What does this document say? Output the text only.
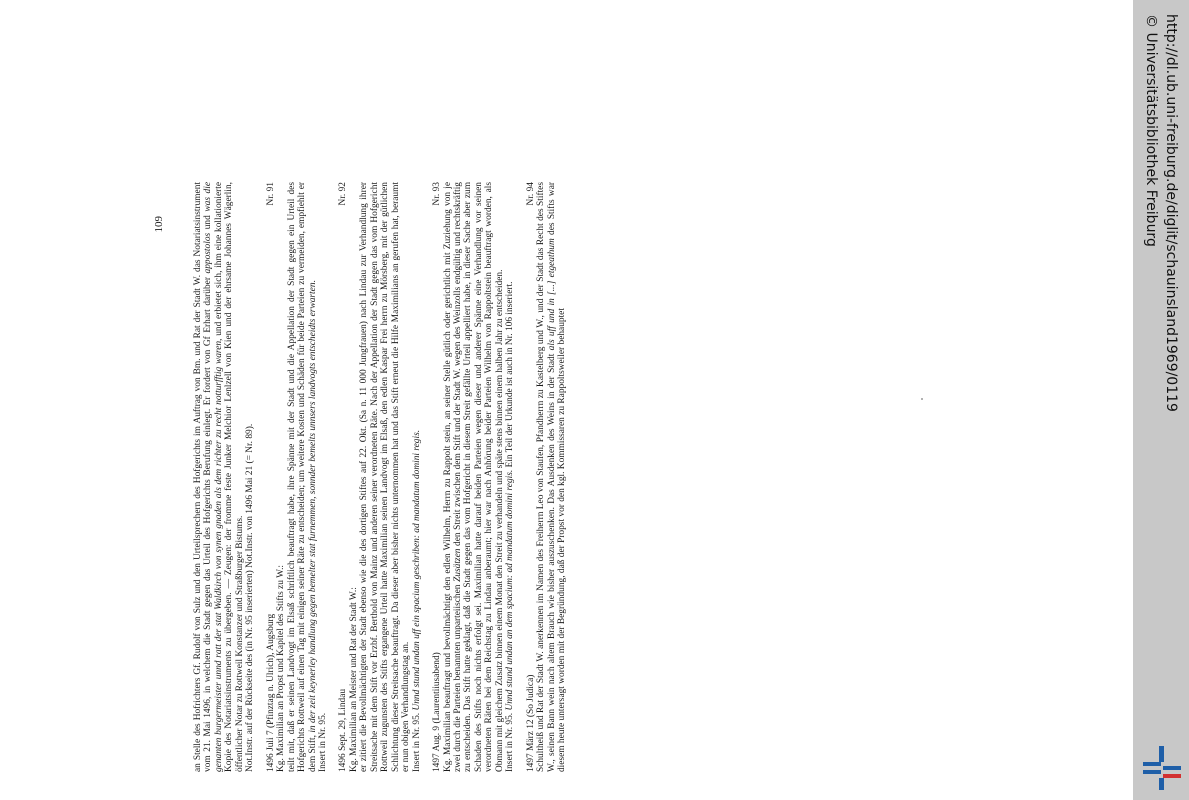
109	an Stelle des Hofrichters Gf. Rudolf von Sulz und den Urteilsprechern des Hofgerichts im Auftrag von Bm. und Rat der Stadt W. das Notariatsinstrument vom 21. Mai 1496, in welchem die Stadt gegen das Urteil des Hofgerichts Berufung einlegt. Er fordert von Gf Erhart darüber appostolos und was die genanten burgermeister unnd ratt der stat Waldkirch von synen gnaden als dem richter zu recht notturfftig waren, und erbietet sich, ihm eine kollationierte Kopie des Notariatsinstruments zu übergeben. — Zeugen: der fromme feste Junker Melchior Lenlzell von Kien und der ehrsame Johannes Wägerlin, öffentlicher Notar zu Rottweil Konstanzer und Straßburger Bistums. Not.Instr. auf der Rückseite des (in Nr. 95 inserierten) Not.Instr. von 1496 Mai 21 (= Nr. 89). 1496 Juli 7 (Pfinztag n. Ulrich), Augsburg
Nr. 91

Kg. Maximilian an Propst und Kapitel des Stifts zu W.: teilt mit, daß er seinen Landvogt im Elsaß schriftlich beauftragt habe, ihre Spänne mit der Stadt und die Appellation der Stadt gegen ein Urteil des Hofgerichts Rottweil auf einen Tag mit einigen seiner Räte zu entscheiden; um weitere Kosten und Schäden für beide Parteien zu vermeiden, empfiehlt er dem Stift, in der zeit keynerley handlung gegen bemelter stat furnemmen, sonnder bemelts unnsers landvogts entscheidts erwarten.

Insert in Nr. 95. 1496 Sept. 29, Lindau
Nr. 92

Kg. Maximilian an Meister und Rat der Stadt W.: er zitiert die Bevollmächtigten der Stadt ebenso wie die des dortigen Stiftes auf 22. Okt. (Sa n. 11 000 Jungfrauen) nach Lindau zur Verhandlung ihrer Streitsache mit dem Stift vor Erzbf. Berthold von Mainz und anderen seiner verordneten Räte. Nach der Appellation der Stadt gegen das vom Hofgericht Rottweil zugunsten des Stifts ergangene Urteil hatte Maximilian seinen Landvogt im Elsaß, den edlen Kaspar Frei herrn zu Mörsberg, mit der gütlichen Schlichtung dieser Streitsache beauftragt. Da dieser aber bisher nichts unternommen hat und das Stift erneut die Hilfe Maximilians an gerufen hat, beraumt er nun obigen Verhandlungstag an. Insert in Nr. 95. Unnd stund undan uff ein spacium geschriben: ad mandatum domini regis.

1497 Aug. 9 (Laurentiiusabend)
Nr. 93 Kg. Maximilian beauftragt und bevollmächtigt den edlen Wilhelm, Herrn zu Rappolt stein, an seiner Stelle gütlich oder gerichtlich mit Zuziehung von je zwei durch die Parteien benannten unparteiischen Zusätzen den Streit zwischen dem Stift und der Stadt W. wegen des Weinzolls endgültig und rechtskräftig zu entscheiden. Das Stift hatte geklagt, daß die Stadt gegen das vom Hofgericht in diesem Streit gefällte Urteil appelliert habe, in dieser Sache aber zum Schaden des Stifts noch nichts erfolgt sei. Maximilian hatte darauf beiden Parteien wegen dieser und anderer Spänne eine Verhandlung vor seinen verordneten Räten bei dem Reichstag zu Lindau anberaumt; hier war nach Anhörung beider Parteien Wilhelm von Rappoltstein beauftragt worden, als Obmann mit gleichem Zusatz binnen einem Monat den Streit zu verhandeln und späte stens binnen einem halben Jahr zu entscheiden. Insert in Nr. 95. Unnd stund undan an dem spacium: ad mandatum domini regis. Ein Teil der Urkunde ist auch in Nr. 106 inseriert.

1497 März 12 (So Judica)
Nr. 94 Schultheiß und Rat der Stadt W. anerkennen im Namen des Freiherrn Leo von Staufen, Pfandherrn zu Kastelberg und W., und der Stadt das Recht des Stiftes W., seinen Bann wein nach altem Brauch wie bisher auszuschenken. Das Ausdenken des Weins in der Stadt als uff und in [...] etgeathum des Stifts war diesem heute untersagt worden mit der Begründung, daß der Propst vor den kgl. Kommissaren zu Rappoltsweiler behauptet

http://dl.ub.uni-freiburg.de/diglit/schauinsland1969/0119
© Universitätsbibliothek Freiburg
